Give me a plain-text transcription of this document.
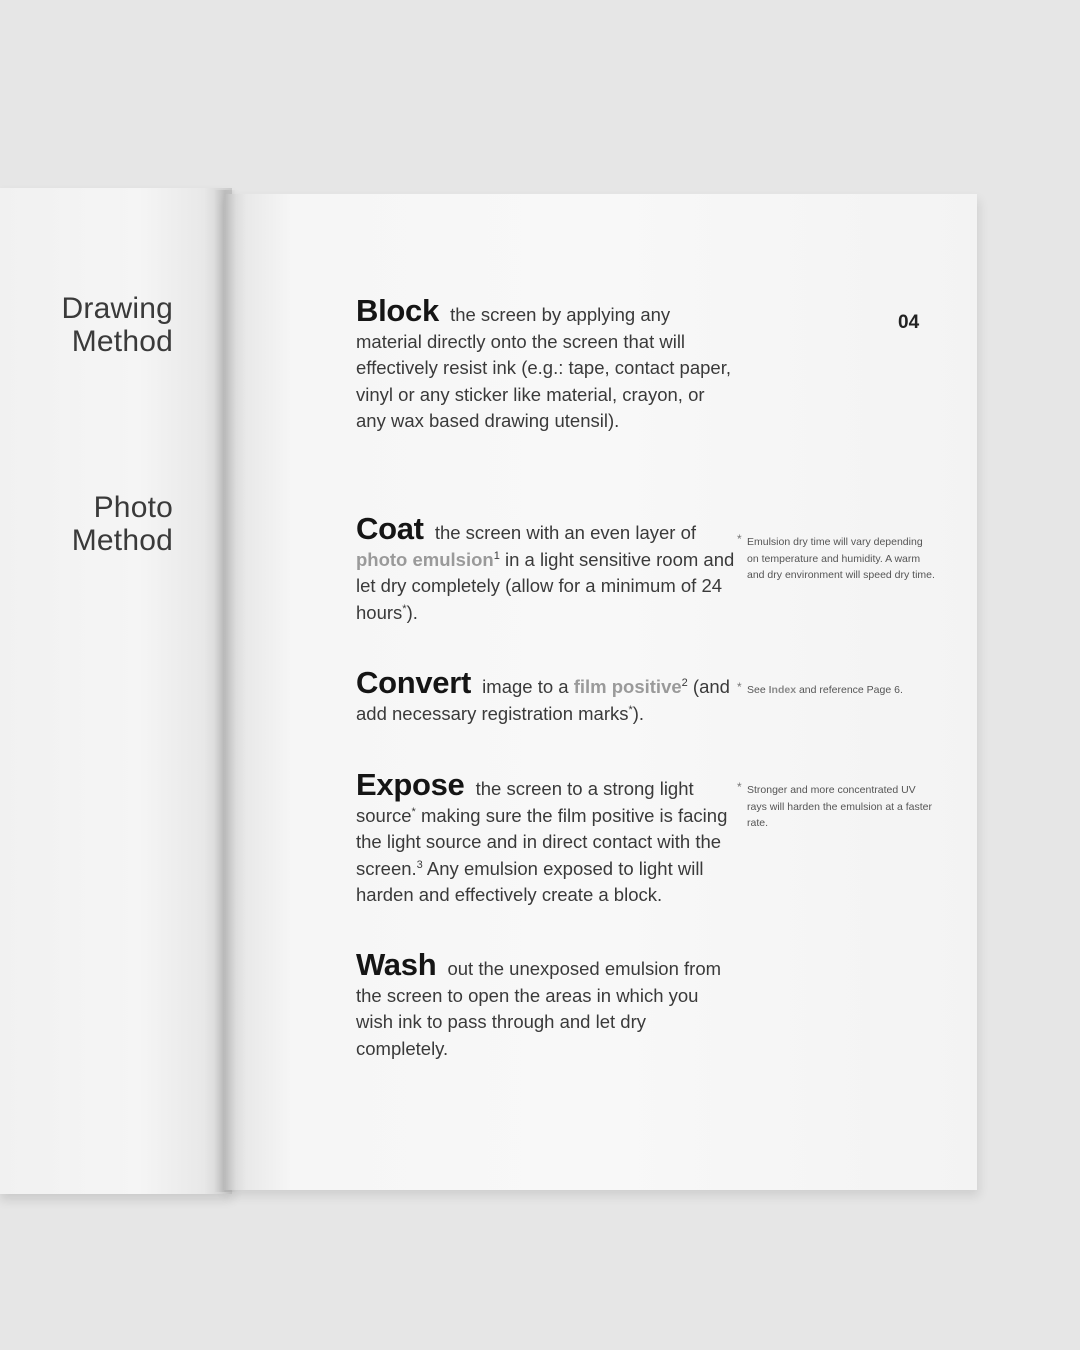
Drawing
Method
Photo
Method
04
Block the screen by applying any material directly onto the screen that will effectively resist ink (e.g.: tape, contact paper, vinyl or any sticker like material, crayon, or any wax based drawing utensil).
Coat the screen with an even layer of photo emulsion$^1$ in a light sensitive room and let dry completely (allow for a minimum of 24 hours*).
Convert image to a film positive$^2$ (and add necessary registration marks*).
Expose the screen to a strong light source* making sure the film positive is facing the light source and in direct contact with the screen.$^3$ Any emulsion exposed to light will harden and effectively create a block.
Wash out the unexposed emulsion from the screen to open the areas in which you wish ink to pass through and let dry completely.
* Emulsion dry time will vary depending on temperature and humidity. A warm and dry environment will speed dry time.
* See Index and reference Page 6.
* Stronger and more concentrated UV rays will harden the emulsion at a faster rate.
